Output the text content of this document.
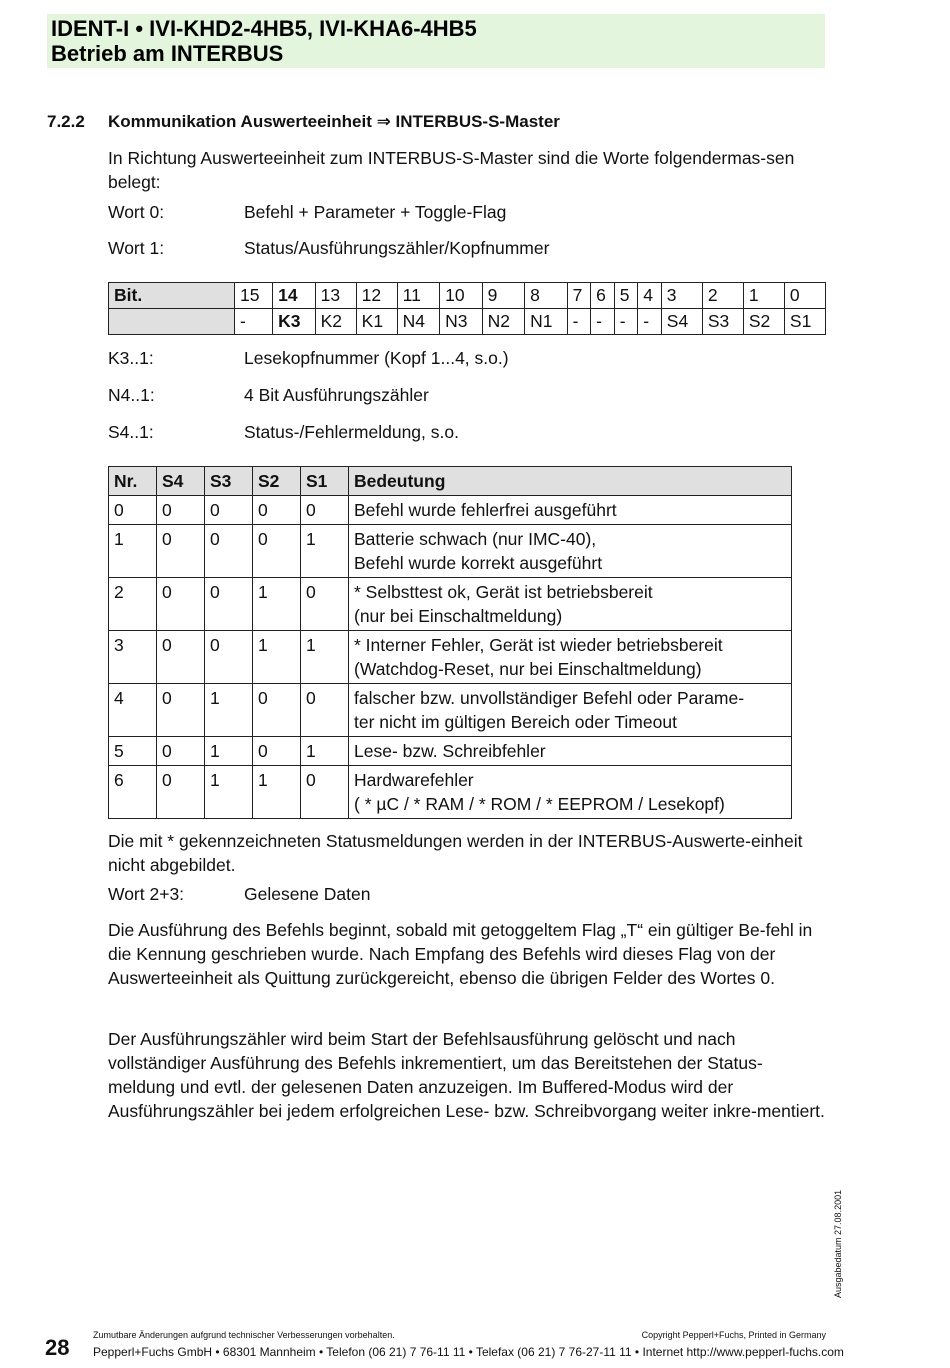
IDENT-I • IVI-KHD2-4HB5, IVI-KHA6-4HB5
Betrieb am INTERBUS
7.2.2 Kommunikation Auswerteeinheit ⇒ INTERBUS-S-Master
In Richtung Auswerteeinheit zum INTERBUS-S-Master sind die Worte folgendermas-sen belegt:
Wort 0:	Befehl + Parameter + Toggle-Flag
Wort 1:	Status/Ausführungszähler/Kopfnummer
Bit.	15	14	13	12	11	10	9	8	7	6	5	4	3	2	1	0
	-	K3	K2	K1	N4	N3	N2	N1	-	-	-	-	S4	S3	S2	S1
K3..1:	Lesekopfnummer (Kopf 1...4, s.o.)
N4..1:	4 Bit Ausführungszähler
S4..1:	Status-/Fehlermeldung, s.o.
Nr.	S4	S3	S2	S1	Bedeutung
0	0	0	0	0	Befehl wurde fehlerfrei ausgeführt

1	0	0	0	1	Batterie schwach (nur IMC-40),
Befehl wurde korrekt ausgeführt

2	0	0	1	0	* Selbsttest ok, Gerät ist betriebsbereit
(nur bei Einschaltmeldung)

3	0	0	1	1	* Interner Fehler, Gerät ist wieder betriebsbereit
(Watchdog-Reset, nur bei Einschaltmeldung)

4	0	1	0	0	falscher bzw. unvollständiger Befehl oder Parame-
ter nicht im gültigen Bereich oder Timeout

5	0	1	0	1	Lese- bzw. Schreibfehler

6	0	1	1	0	Hardwarefehler
( * µC / * RAM / * ROM / * EEPROM / Lesekopf)
Die mit * gekennzeichneten Statusmeldungen werden in der INTERBUS-Auswerte-einheit nicht abgebildet.
Wort 2+3:	Gelesene Daten
Die Ausführung des Befehls beginnt, sobald mit getoggeltem Flag „T“ ein gültiger Be-fehl in die Kennung geschrieben wurde. Nach Empfang des Befehls wird dieses Flag von der Auswerteeinheit als Quittung zurückgereicht, ebenso die übrigen Felder des Wortes 0.
Der Ausführungszähler wird beim Start der Befehlsausführung gelöscht und nach vollständiger Ausführung des Befehls inkrementiert, um das Bereitstehen der Status-meldung und evtl. der gelesenen Daten anzuzeigen. Im Buffered-Modus wird der Ausführungszähler bei jedem erfolgreichen Lese- bzw. Schreibvorgang weiter inkre-mentiert.
Ausgabedatum 27.08.2001
28	Zumutbare Änderungen aufgrund technischer Verbesserungen vorbehalten.	Copyright Pepperl+Fuchs, Printed in Germany
Pepperl+Fuchs GmbH • 68301 Mannheim • Telefon (06 21) 7 76-11 11 • Telefax (06 21) 7 76-27-11 11 • Internet http://www.pepperl-fuchs.com
